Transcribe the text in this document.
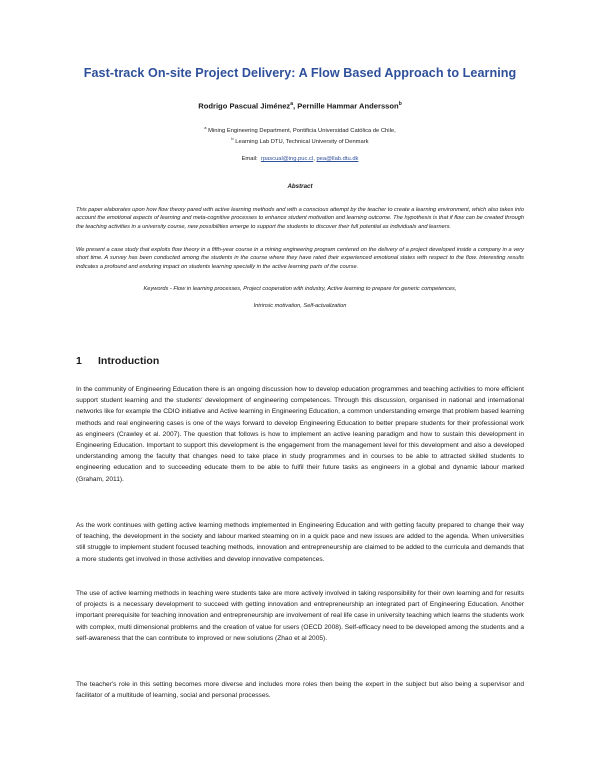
Fast-track On-site Project Delivery: A Flow Based Approach to Learning
Rodrigo Pascual Jiménez$^a$, Pernille Hammar Andersson$^b$
$^a$ Mining Engineering Department, Pontificia Universidad Católica de Chile,
$^b$ Learning Lab DTU, Technical University of Denmark
Email: rpascual@ing.puc.cl, pea@llab.dtu.dk
Abstract

This paper elaborates upon how flow theory pared with active learning methods and with a conscious attempt by the teacher to create a learning environment, which also takes into account the emotional aspects of learning and meta-cognitive processes to enhance student motivation and learning outcome. The hypothesis is that if flow can be created through the teaching activities in a university course, new possibilities emerge to support the students to discover their full potential as individuals and learners.

We present a case study that exploits flow theory in a fifth-year course in a mining engineering program centered on the delivery of a project developed inside a company in a very short time. A survey has been conducted among the students in the course where they have rated their experienced emotional states with respect to the flow. Interesting results indicates a profound and enduring impact on students learning specially in the active learning parts of the course.

Keywords - Flow in learning processes, Project cooperation with industry, Active learning to prepare for generic competences,
Intrinsic motivation, Self-actualization
1 Introduction

In the community of Engineering Education there is an ongoing discussion how to develop education programmes and teaching activities to more efficient support student learning and the students' development of engineering competences. Through this discussion, organised in national and international networks like for example the CDIO initiative and Active learning in Engineering Education, a common understanding emerge that problem based learning methods and real engineering cases is one of the ways forward to develop Engineering Education to better prepare students for their professional work as engineers (Crawley et al. 2007). The question that follows is how to implement an active leaning paradigm and how to sustain this development in Engineering Education. Important to support this development is the engagement from the management level for this development and also a developed understanding among the faculty that changes need to take place in study programmes and in courses to be able to attracted skilled students to engineering education and to succeeding educate them to be able to fulfil their future tasks as engineers in a global and dynamic labour marked (Graham, 2011).

As the work continues with getting active learning methods implemented in Engineering Education and with getting faculty prepared to change their way of teaching, the development in the society and labour marked steaming on in a quick pace and new issues are added to the agenda. When universities still struggle to implement student focused teaching methods, innovation and entrepreneurship are claimed to be added to the curricula and demands that a more students get involved in those activities and develop innovative competences.

The use of active learning methods in teaching were students take are more actively involved in taking responsibility for their own learning and for results of projects is a necessary development to succeed with getting innovation and entrepreneurship an integrated part of Engineering Education. Another important prerequisite for teaching innovation and entrepreneurship are involvement of real life case in university teaching which learns the students work with complex, multi dimensional problems and the creation of value for users (OECD 2008). Self-efficacy need to be developed among the students and a self-awareness that the can contribute to improved or new solutions (Zhao et al 2005).

The teacher's role in this setting becomes more diverse and includes more roles then being the expert in the subject but also being a supervisor and facilitator of a multitude of learning, social and personal processes.
